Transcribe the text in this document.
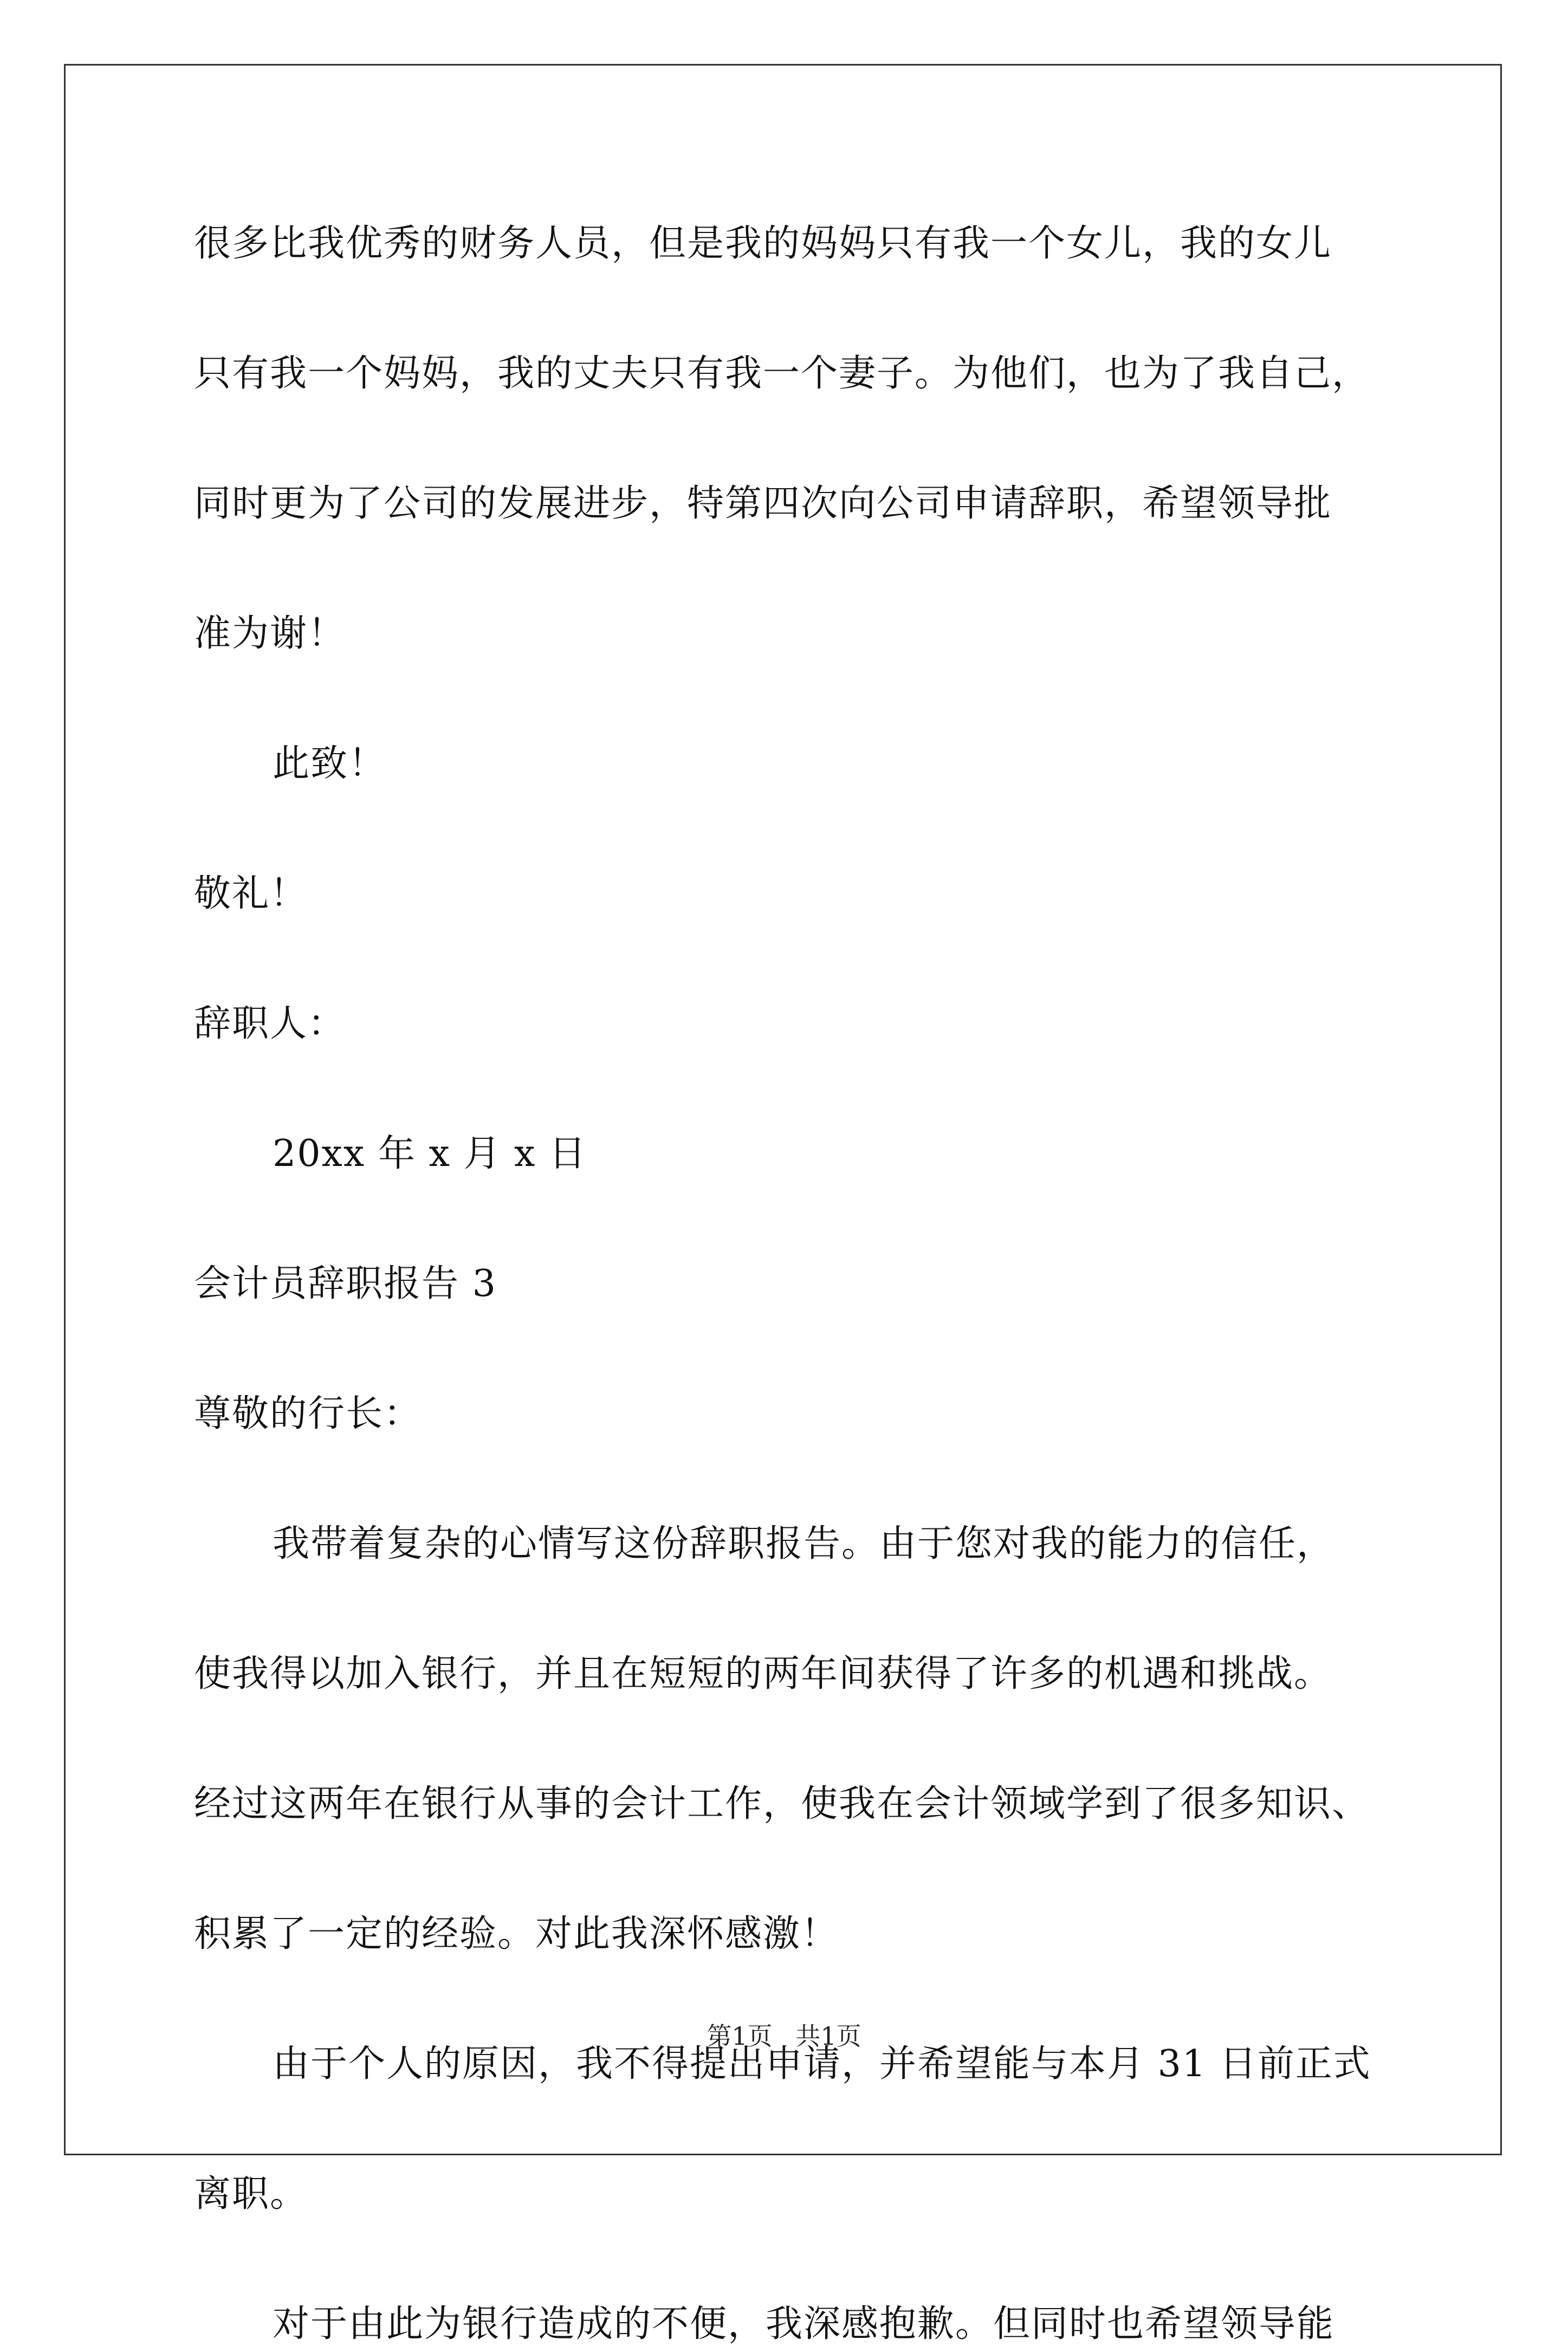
很多比我优秀的财务人员，但是我的妈妈只有我一个女儿，我的女儿
只有我一个妈妈，我的丈夫只有我一个妻子。为他们，也为了我自己，
同时更为了公司的发展进步，特第四次向公司申请辞职，希望领导批
准为谢！
此致！
敬礼！
辞职人：
20xx 年 x 月 x 日
会计员辞职报告 3
尊敬的行长：
我带着复杂的心情写这份辞职报告。由于您对我的能力的信任，
使我得以加入银行，并且在短短的两年间获得了许多的机遇和挑战。
经过这两年在银行从事的会计工作，使我在会计领域学到了很多知识、
积累了一定的经验。对此我深怀感激！
由于个人的原因，我不得提出申请，并希望能与本月 31 日前正式
离职。
对于由此为银行造成的不便，我深感抱歉。但同时也希望领导能
第1页 共1页
